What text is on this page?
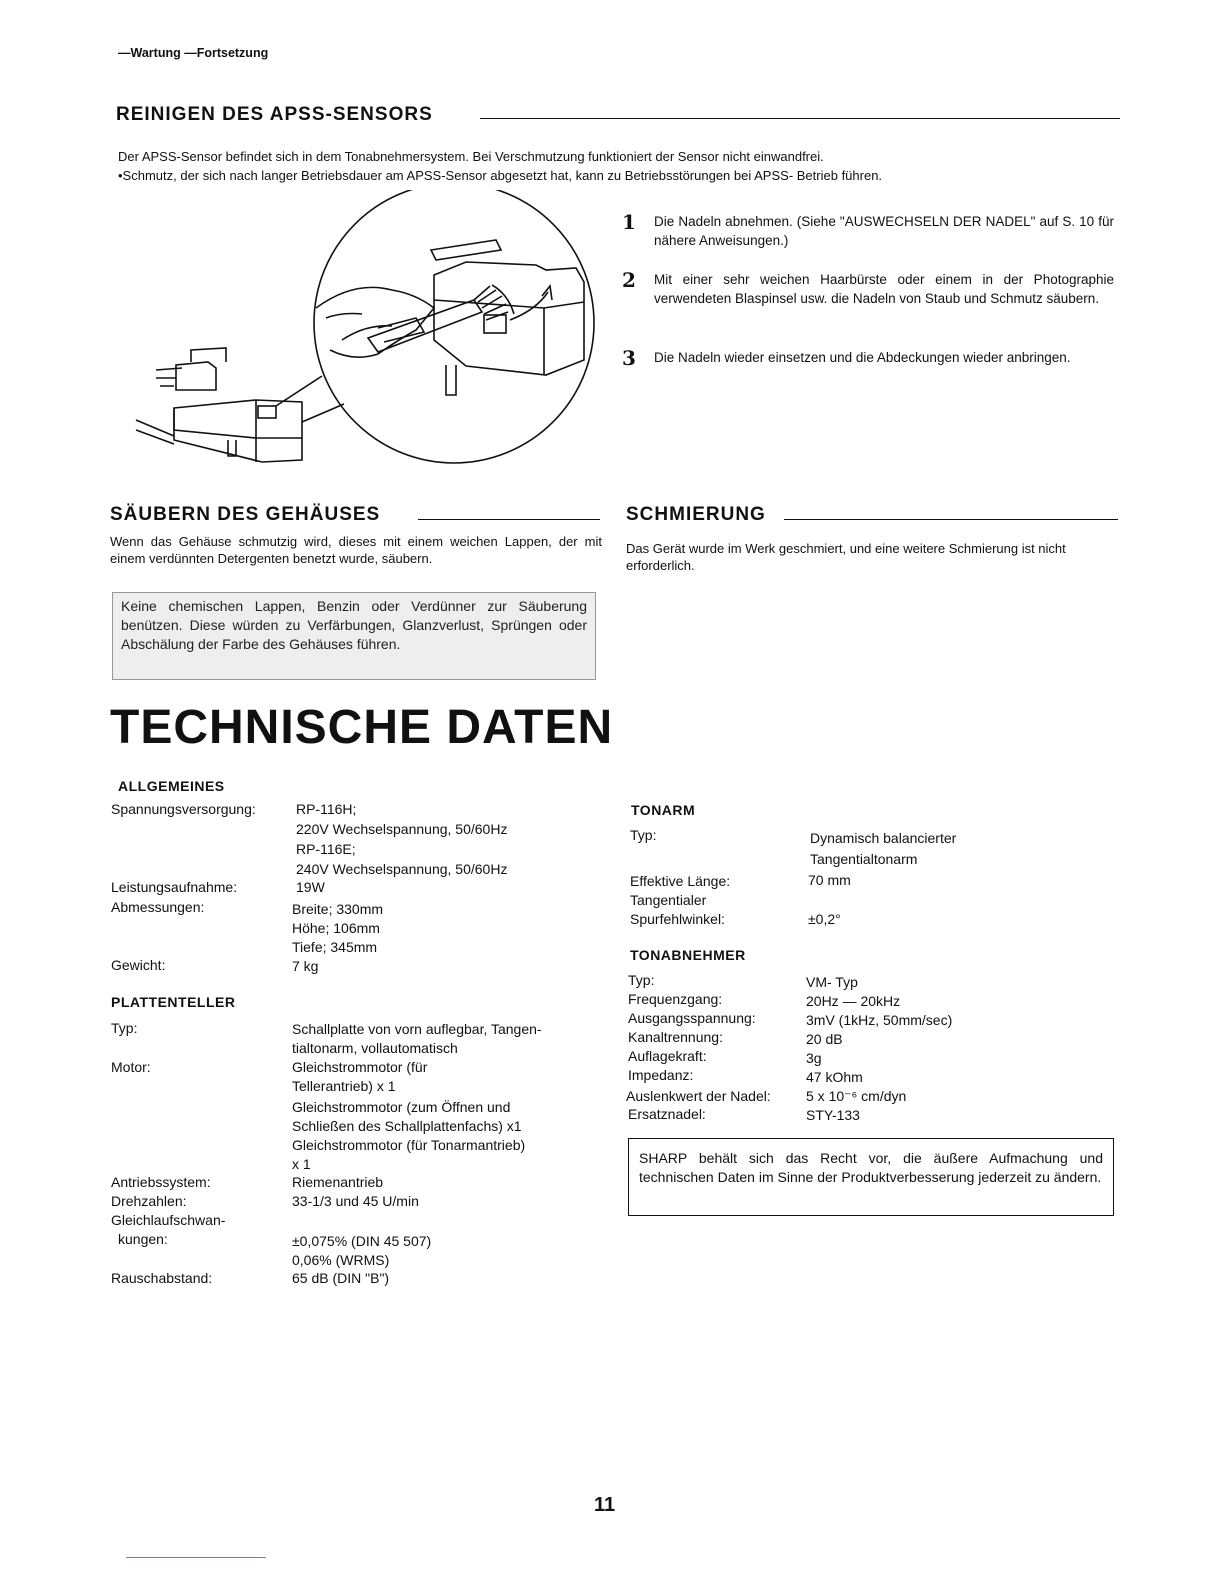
—Wartung —Fortsetzung
REINIGEN DES APSS-SENSORS
Der APSS-Sensor befindet sich in dem Tonabnehmersystem. Bei Verschmutzung funktioniert der Sensor nicht einwandfrei.
•Schmutz, der sich nach langer Betriebsdauer am APSS-Sensor abgesetzt hat, kann zu Betriebsstörungen bei APSS- Betrieb führen.
1 Die Nadeln abnehmen. (Siehe "AUSWECHSELN DER NADEL" auf S. 10 für nähere Anweisungen.)
2 Mit einer sehr weichen Haarbürste oder einem in der Photographie verwendeten Blaspinsel usw. die Nadeln von Staub und Schmutz säubern.
3 Die Nadeln wieder einsetzen und die Abdeckungen wieder anbringen.
SÄUBERN DES GEHÄUSES
Wenn das Gehäuse schmutzig wird, dieses mit einem weichen Lappen, der mit einem verdünnten Detergenten benetzt wurde, säubern.
Keine chemischen Lappen, Benzin oder Verdünner zur Säuberung benützen. Diese würden zu Verfärbungen, Glanzverlust, Sprüngen oder Abschälung der Farbe des Gehäuses führen.
SCHMIERUNG
Das Gerät wurde im Werk geschmiert, und eine weitere Schmierung ist nicht erforderlich.
TECHNISCHE DATEN
ALLGEMEINES
Spannungsversorgung:	RP-116H;
220V Wechselspannung, 50/60Hz
RP-116E;
240V Wechselspannung, 50/60Hz
Leistungsaufnahme:	19W
Abmessungen:	Breite; 330mm
Höhe; 106mm
Tiefe; 345mm
Gewicht:	7 kg
PLATTENTELLER
Typ:	Schallplatte von vorn auflegbar, Tangen-
tialtonarm, vollautomatisch
Motor:	Gleichstrommotor (für
Tellerantrieb) x 1
Gleichstrommotor (zum Öffnen und
Schließen des Schallplattenfachs) x1
Gleichstrommotor (für Tonarmantrieb)
x 1
Antriebssystem:	Riemenantrieb
Drehzahlen:	33-1/3 und 45 U/min
Gleichlaufschwan-
kungen:	±0,075% (DIN 45 507)
0,06% (WRMS)
Rauschabstand:	65 dB (DIN "B")
TONARM
Typ:	Dynamisch balancierter
Tangentialtonarm
Effektive Länge:	70 mm
Tangentialer
Spurfehlwinkel:	±0,2°
TONABNEHMER
Typ:	VM- Typ
Frequenzgang:	20Hz — 20kHz
Ausgangsspannung:	3mV (1kHz, 50mm/sec)
Kanaltrennung:	20 dB
Auflagekraft:	3g
Impedanz:	47 kOhm
Auslenkwert der Nadel:	5 x 10⁻⁶ cm/dyn
Ersatznadel:	STY-133
SHARP behält sich das Recht vor, die äußere Aufmachung und technischen Daten im Sinne der Produktverbesserung jederzeit zu ändern.
11
